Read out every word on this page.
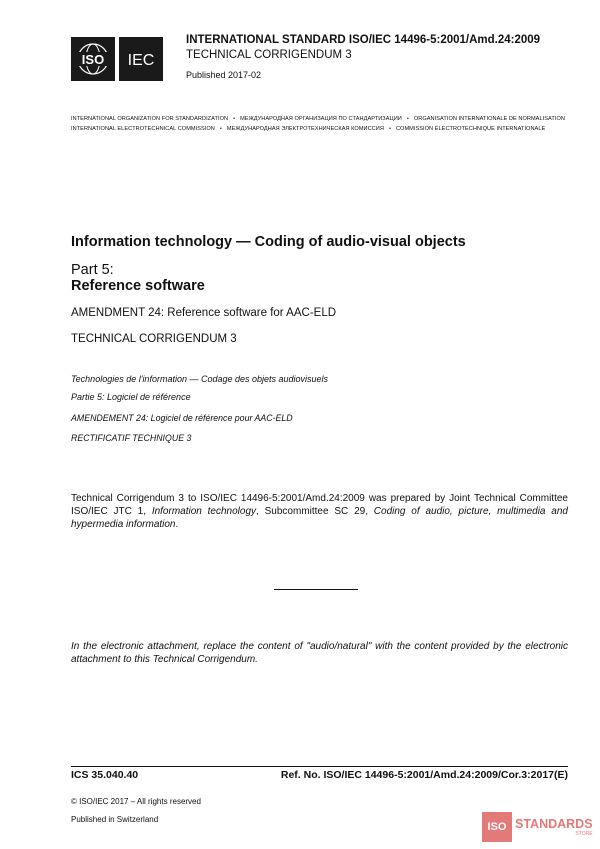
ISO IEC
INTERNATIONAL STANDARD ISO/IEC 14496-5:2001/Amd.24:2009
TECHNICAL CORRIGENDUM 3
Published 2017-02
INTERNATIONAL ORGANIZATION FOR STANDARDIZATION • МЕЖДУНАРОДНАЯ ОРГАНИЗАЦИЯ ПО СТАНДАРТИЗАЦИИ • ORGANISATION INTERNATIONALE DE NORMALISATION
INTERNATIONAL ELECTROTECHNICAL COMMISSION • МЕЖДУНАРОДНАЯ ЭЛЕКТРОТЕХНИЧЕСКАЯ КОМИССИЯ • COMMISSION ÉLECTROTECHNIQUE INTERNATIONALE
Information technology — Coding of audio-visual objects
Part 5:
Reference software
AMENDMENT 24: Reference software for AAC-ELD
TECHNICAL CORRIGENDUM 3
Technologies de l'information — Codage des objets audiovisuels
Partie 5: Logiciel de référence
AMENDEMENT 24: Logiciel de référence pour AAC-ELD
RECTIFICATIF TECHNIQUE 3
Technical Corrigendum 3 to ISO/IEC 14496-5:2001/Amd.24:2009 was prepared by Joint Technical Committee ISO/IEC JTC 1, Information technology, Subcommittee SC 29, Coding of audio, picture, multimedia and hypermedia information.
In the electronic attachment, replace the content of "audio/natural" with the content provided by the electronic attachment to this Technical Corrigendum.
ICS 35.040.40	Ref. No. ISO/IEC 14496-5:2001/Amd.24:2009/Cor.3:2017(E)
© ISO/IEC 2017 – All rights reserved
Published in Switzerland
ISO STANDARDS
STORE
